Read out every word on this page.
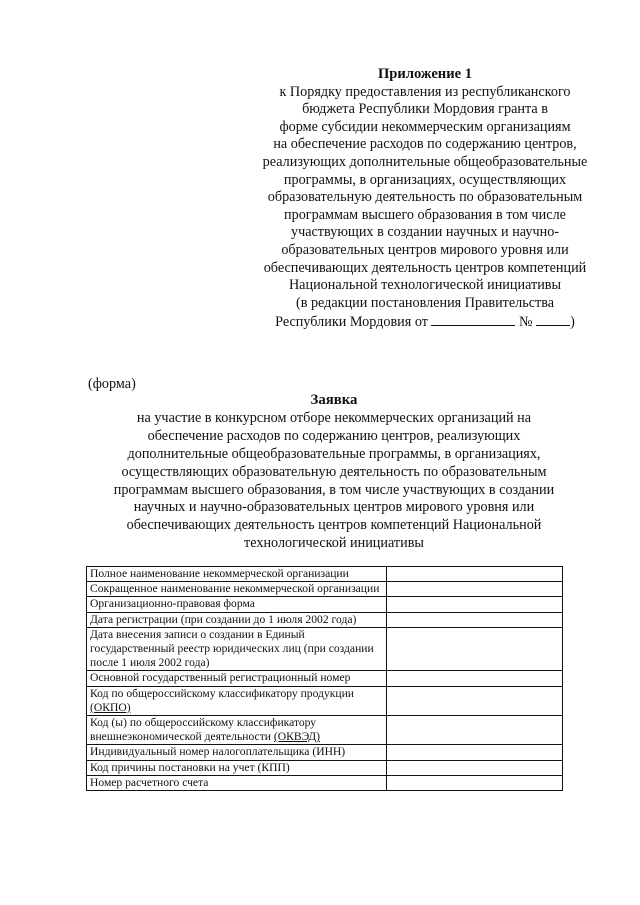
Приложение 1
к Порядку предоставления из республиканского
бюджета Республики Мордовия гранта в
форме субсидии некоммерческим организациям
на обеспечение расходов по содержанию центров,
реализующих дополнительные общеобразовательные
программы, в организациях, осуществляющих
образовательную деятельность по образовательным
программам высшего образования в том числе
участвующих в создании научных и научно-
образовательных центров мирового уровня или
обеспечивающих деятельность центров компетенций
Национальной технологической инициативы
(в редакции постановления Правительства
Республики Мордовия от	№ )
(форма)
Заявка
на участие в конкурсном отборе некоммерческих организаций на
обеспечение расходов по содержанию центров, реализующих
дополнительные общеобразовательные программы, в организациях,
осуществляющих образовательную деятельность по образовательным
программам высшего образования, в том числе участвующих в создании
научных и научно-образовательных центров мирового уровня или
обеспечивающих деятельность центров компетенций Национальной
технологической инициативы
Полное наименование некоммерческой организации	
Сокращенное наименование некоммерческой организации	
Организационно-правовая форма	
Дата регистрации (при создании до 1 июля 2002 года)	
Дата внесения записи о создании в Единый государственный реестр юридических лиц (при создании после 1 июля 2002 года)	
Основной государственный регистрационный номер	
Код по общероссийскому классификатору продукции (ОКПО)	
Код (ы) по общероссийскому классификатору внешнеэкономической деятельности (ОКВЭД)	
Индивидуальный номер налогоплательщика (ИНН)	
Код причины постановки на учет (КПП)	
Номер расчетного счета	
